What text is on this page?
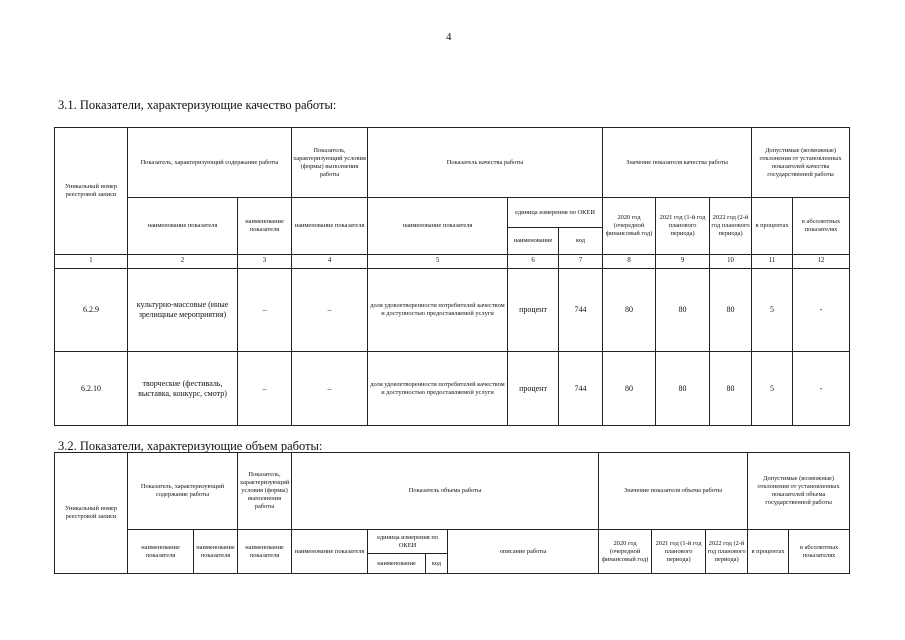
4
3.1. Показатели, характеризующие качество работы:
Уникальный номер реестровой записи	Показатель, характеризующий содержание работы		Показатель, характеризующий условия (формы) выполнения работы	Показатель качества работы			Значение показателя качества работы			Допустимые (возможные) отклонения от установленных показателей качества государственной работы	
	наименование показателя	наименование показателя	наименование показателя	наименование показателя	единица измерения по ОКЕИ		2020 год (очередной финансовый год)	2021 год (1-й год планового периода)	2022 год (2-й год планового периода)	в процентах	в абсолютных показателях
					наименование	код					
1	2	3	4	5	6	7	8	9	10	11	12
6.2.9	культурно-массовые (иные зрелищные мероприятия)	–	–	доля удовлетворенности потребителей качеством и доступностью предоставляемой услуги	процент	744	80	80	80	5	-
6.2.10	творческие (фестиваль, выставка, конкурс, смотр)	–	–	доля удовлетворенности потребителей качеством и доступностью предоставляемой услуги	процент	744	80	80	80	5	-
3.2. Показатели, характеризующие объем работы:
Уникальный номер реестровой записи	Показатель, характеризующий содержание работы		Показатель, характеризующий условия (формы) выполнения работы	Показатель объема работы				Значение показателя объема работы			Допустимые (возможные) отклонения от установленных показателей объема государственной работы	
	наименование показателя	наименование показателя	наименование показателя	наименование показателя	единица измерения по ОКЕИ		описание работы	2020 год (очередной финансовый год)	2021 год (1-й год планового периода)	2022 год (2-й год планового периода)	в процентах	в абсолютных показателях
					наименование	код						
